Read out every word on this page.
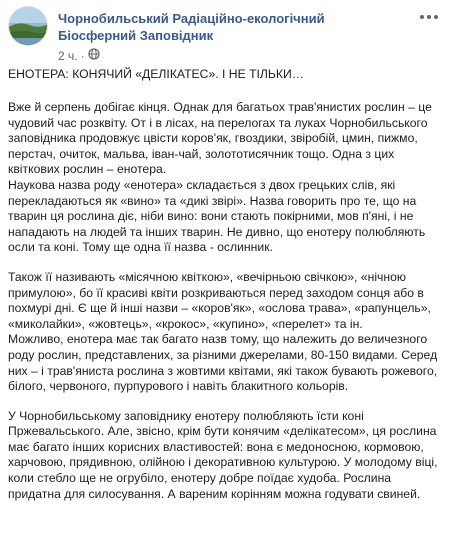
Чорнобильський Радіаційно-екологічний Біосферний Заповідник
2 ч. ·

ЕНОТЕРА: КОНЯЧИЙ «ДЕЛІКАТЕС». І НЕ ТІЛЬКИ…

Вже й серпень добігає кінця. Однак для багатьох трав'янистих рослин – це чудовий час розквіту. От і в лісах, на перелогах та луках Чорнобильського заповідника продовжує цвісти коров'як, гвоздики, звіробій, цмин, пижмо, перстач, очиток, мальва, іван-чай, золототисячник тощо. Одна з цих квіткових рослин – енотера.

Наукова назва роду «енотера» складається з двох грецьких слів, які перекладаються як «вино» та «дикі звірі». Назва говорить про те, що на тварин ця рослина діє, ніби вино: вони стають покірними, мов п'яні, і не нападають на людей та інших тварин. Не дивно, що енотеру полюбляють осли та коні. Тому ще одна її назва - ослинник.

Також її називають «місячною квіткою», «вечірньою свічкою», «нічною примулою», бо її красиві квіти розкриваються перед заходом сонця або в похмурі дні. Є ще й інші назви – «коров'як», «ослова трава», «рапунцель», «миколайки», «жовтець», «крокос», «купино», «перелет» та ін.

Можливо, енотера має так багато назв тому, що належить до величезного роду рослин, представлених, за різними джерелами, 80-150 видами. Серед них – і трав'яниста рослина з жовтими квітами, які також бувають рожевого, білого, червоного, пурпурового і навіть блакитного кольорів.

У Чорнобильському заповіднику енотеру полюбляють їсти коні Пржевальського. Але, звісно, крім бути конячим «делікатесом», ця рослина має багато інших корисних властивостей: вона є медоносною, кормовою, харчовою, прядивною, олійною і декоративною культурою. У молодому віці, коли стебло ще не огрубіло, енотеру добре поїдає худоба. Рослина придатна для силосування. А вареним корінням можна годувати свиней.
